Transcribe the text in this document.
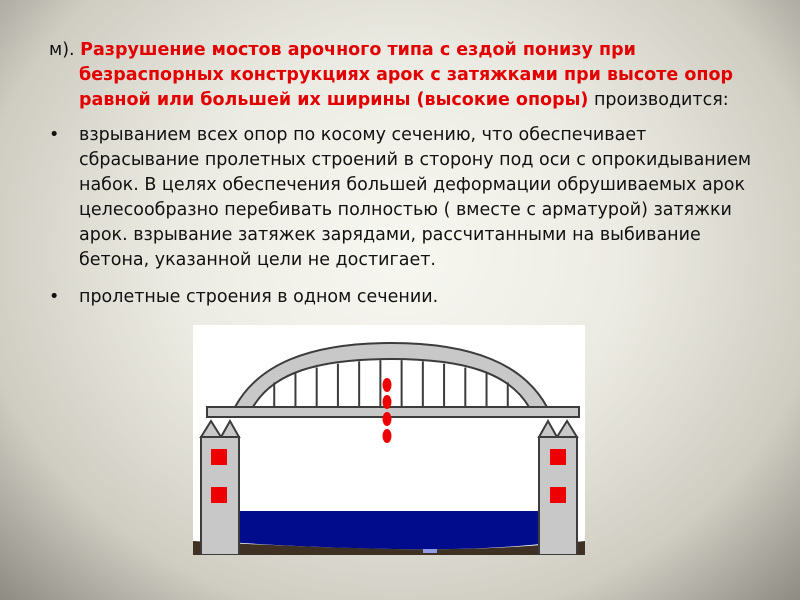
м). Разрушение мостов арочного типа с ездой понизу при безраспорных конструкциях арок с затяжками при высоте опор равной или большей их ширины (высокие опоры) производится:
• взрыванием всех опор по косому сечению, что обеспечивает сбрасывание пролетных строений в сторону под оси с опрокидыванием набок. В целях обеспечения большей деформации обрушиваемых арок целесообразно перебивать полностью ( вместе с арматурой) затяжки арок. взрывание затяжек зарядами, рассчитанными на выбивание бетона, указанной цели не достигает.
• пролетные строения в одном сечении.
